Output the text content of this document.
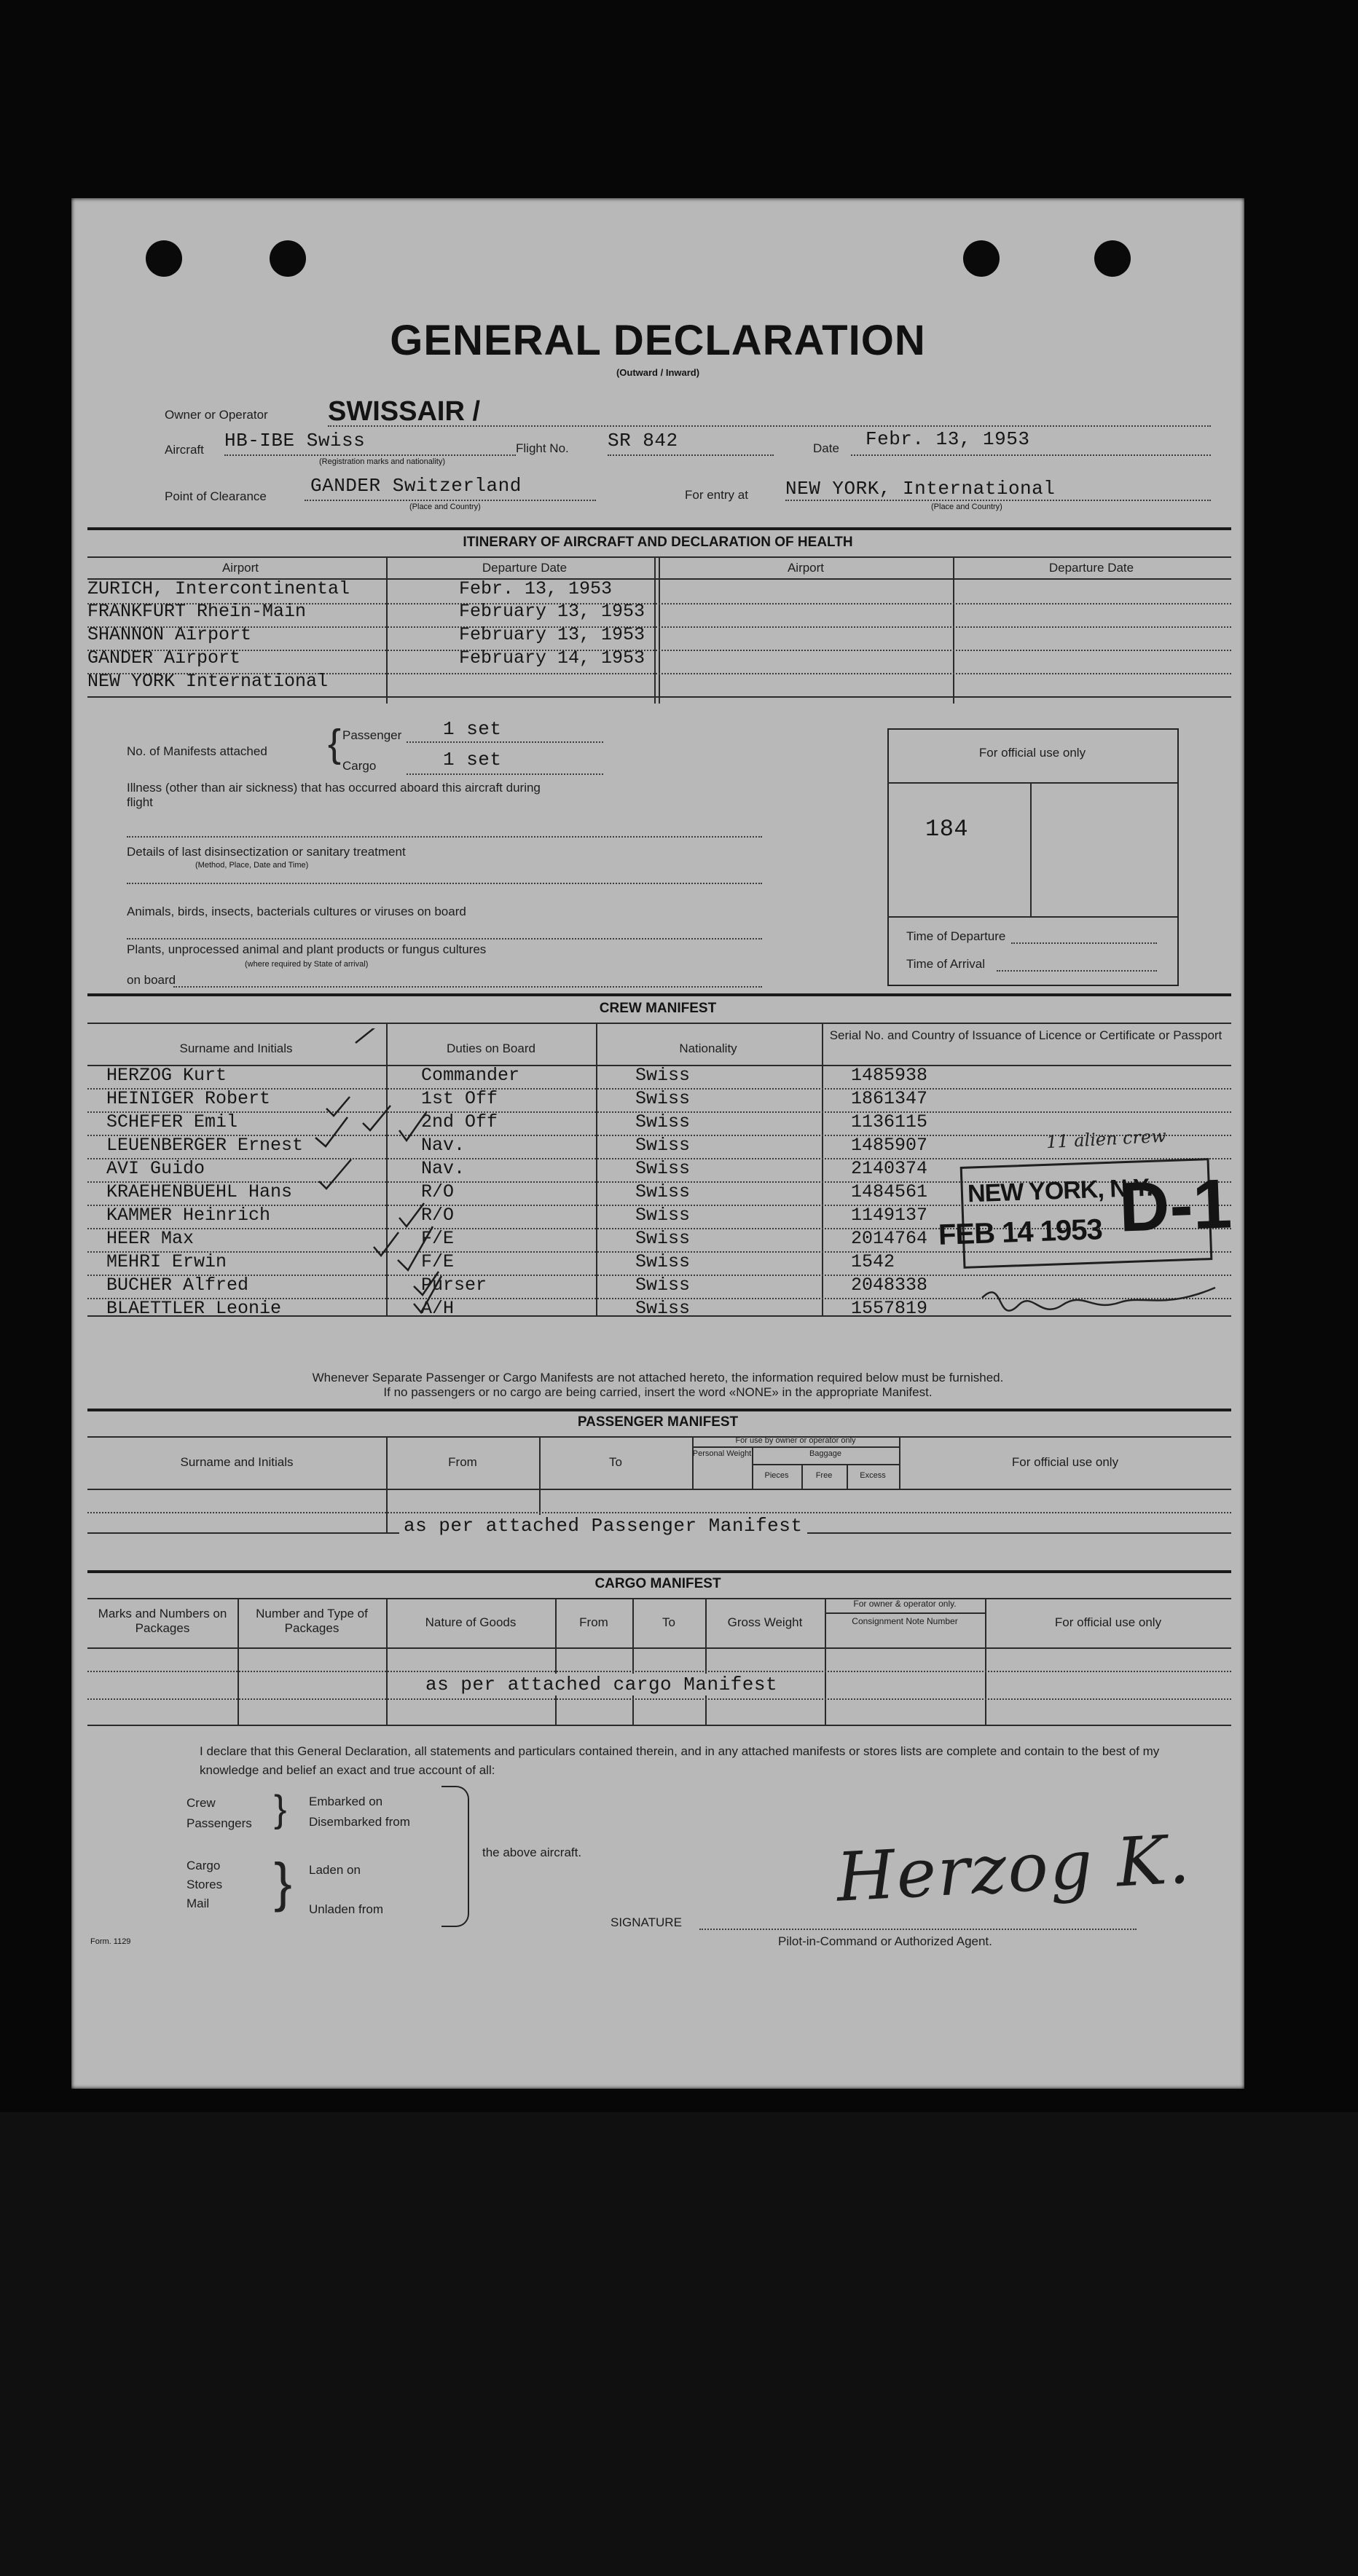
GENERAL DECLARATION
(Outward / Inward)
Owner or Operator SWISSAIR /
Aircraft HB-IBE Swiss
(Registration marks and nationality)
Flight No. SR 842	Date Febr. 13, 1953
Point of Clearance GANDER Switzerland
(Place and Country)
For entry at NEW YORK, International
(Place and Country)
ITINERARY OF AIRCRAFT AND DECLARATION OF HEALTH
Airport	Departure Date	Airport	Departure Date
ZURICH, Intercontinental	Febr. 13, 1953
FRANKFURT Rhein-Main	February 13, 1953
SHANNON Airport	February 13, 1953
GANDER Airport	February 14, 1953
NEW YORK International
No. of Manifests attached { Passenger 1 set
Cargo	1 set
Illness (other than air sickness) that has occurred aboard this aircraft during flight
Details of last disinsectization or sanitary treatment
(Method, Place, Date and Time)
Animals, birds, insects, bacterials cultures or viruses on board
Plants, unprocessed animal and plant products or fungus cultures
(where required by State of arrival)
on board
For official use only
184
Time of Departure
Time of Arrival
CREW MANIFEST
Surname and Initials	Duties on Board	Nationality
Serial No. and Country of Issuance of Licence or Certificate or Passport
HERZOG Kurt	Commander	Swiss	1485938
HEINIGER Robert	1st Off	Swiss	1861347
SCHEFER Emil	2nd Off	Swiss	1136115
LEUENBERGER Ernest	Nav.	Swiss	1485907
AVI Guido	Nav.	Swiss	2140374
KRAEHENBUEHL Hans	R/O	Swiss	1484561
KAMMER Heinrich	R/O	Swiss	1149137
HEER Max	F/E	Swiss	2014764
MEHRI Erwin	F/E	Swiss	1542
BUCHER Alfred	Purser	Swiss	2048338
BLAETTLER Leonie	A/H	Swiss	1557819
11 alien crew
NEW YORK, N.Y.
FEB 14 1953 D-1
Whenever Separate Passenger or Cargo Manifests are not attached hereto, the information required below must be furnished.
If no passengers or no cargo are being carried, insert the word «NONE» in the appropriate Manifest.
PASSENGER MANIFEST
Surname and Initials	From	To
For use by owner or operator only
Personal Weight	Baggage
Pieces	Free	Excess
For official use only
as per attached Passenger Manifest
CARGO MANIFEST
Marks and Numbers on Packages
Number and Type of Packages	Nature of Goods	From	To	Gross Weight
For owner & operator only.
Consignment Note Number	For official use only
as per attached cargo Manifest
I declare that this General Declaration, all statements and particulars contained therein, and in any attached manifests or stores lists are complete and contain to the best of my knowledge and belief an exact and true account of all:
Crew
Passengers } Embarked on
Disembarked from
Cargo
Stores
Mail } Laden on
Unladen from
the above aircraft.
SIGNATURE
Herzog K.
Pilot-in-Command or Authorized Agent.
Form. 1129
